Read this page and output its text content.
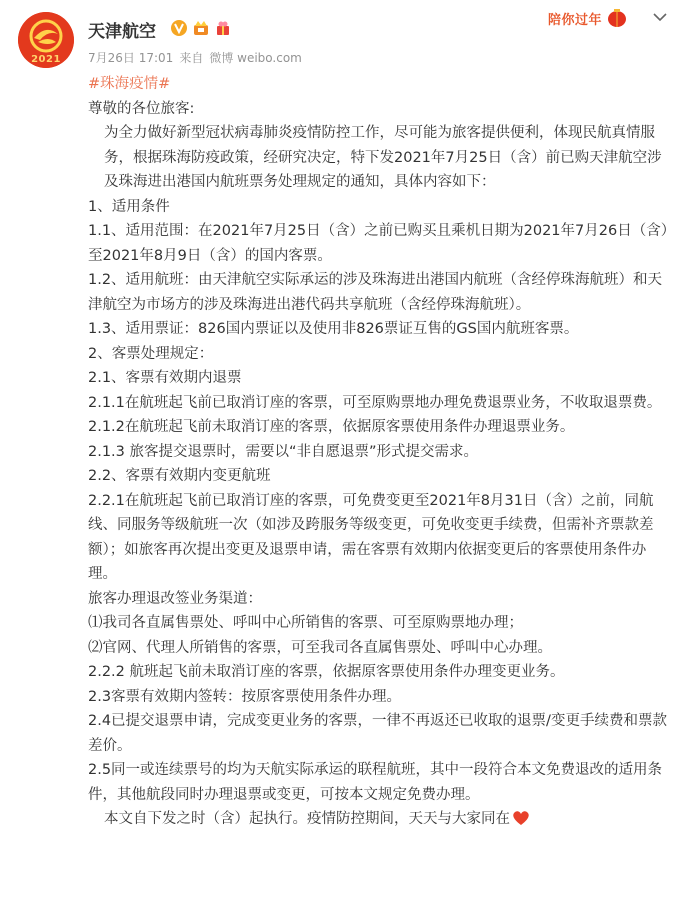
2021
天津航空
7月26日 17:01 来自 微博 weibo.com
陪你过年

#珠海疫情#

尊敬的各位旅客:

为全力做好新型冠状病毒肺炎疫情防控工作，尽可能为旅客提供便利，体现民航真情服务，根据珠海防疫政策，经研究决定，特下发2021年7月25日（含）前已购天津航空涉及珠海进出港国内航班票务处理规定的通知，具体内容如下：

1、适用条件

1.1、适用范围：在2021年7月25日（含）之前已购买且乘机日期为2021年7月26日（含）至2021年8月9日（含）的国内客票。

1.2、适用航班：由天津航空实际承运的涉及珠海进出港国内航班（含经停珠海航班）和天津航空为市场方的涉及珠海进出港代码共享航班（含经停珠海航班）。

1.3、适用票证：826国内票证以及使用非826票证互售的GS国内航班客票。

2、客票处理规定：

2.1、客票有效期内退票

2.1.1在航班起飞前已取消订座的客票，可至原购票地办理免费退票业务，不收取退票费。

2.1.2在航班起飞前未取消订座的客票，依据原客票使用条件办理退票业务。

2.1.3 旅客提交退票时，需要以“非自愿退票”形式提交需求。

2.2、客票有效期内变更航班

2.2.1在航班起飞前已取消订座的客票，可免费变更至2021年8月31日（含）之前，同航线、同服务等级航班一次（如涉及跨服务等级变更，可免收变更手续费，但需补齐票款差额）；如旅客再次提出变更及退票申请，需在客票有效期内依据变更后的客票使用条件办理。

旅客办理退改签业务渠道：

⑴我司各直属售票处、呼叫中心所销售的客票、可至原购票地办理；

⑵官网、代理人所销售的客票，可至我司各直属售票处、呼叫中心办理。

2.2.2 航班起飞前未取消订座的客票，依据原客票使用条件办理变更业务。

2.3客票有效期内签转：按原客票使用条件办理。

2.4已提交退票申请，完成变更业务的客票，一律不再返还已收取的退票/变更手续费和票款差价。

2.5同一或连续票号的均为天航实际承运的联程航班，其中一段符合本文免费退改的适用条件，其他航段同时办理退票或变更，可按本文规定免费办理。

本文自下发之时（含）起执行。疫情防控期间，天天与大家同在
